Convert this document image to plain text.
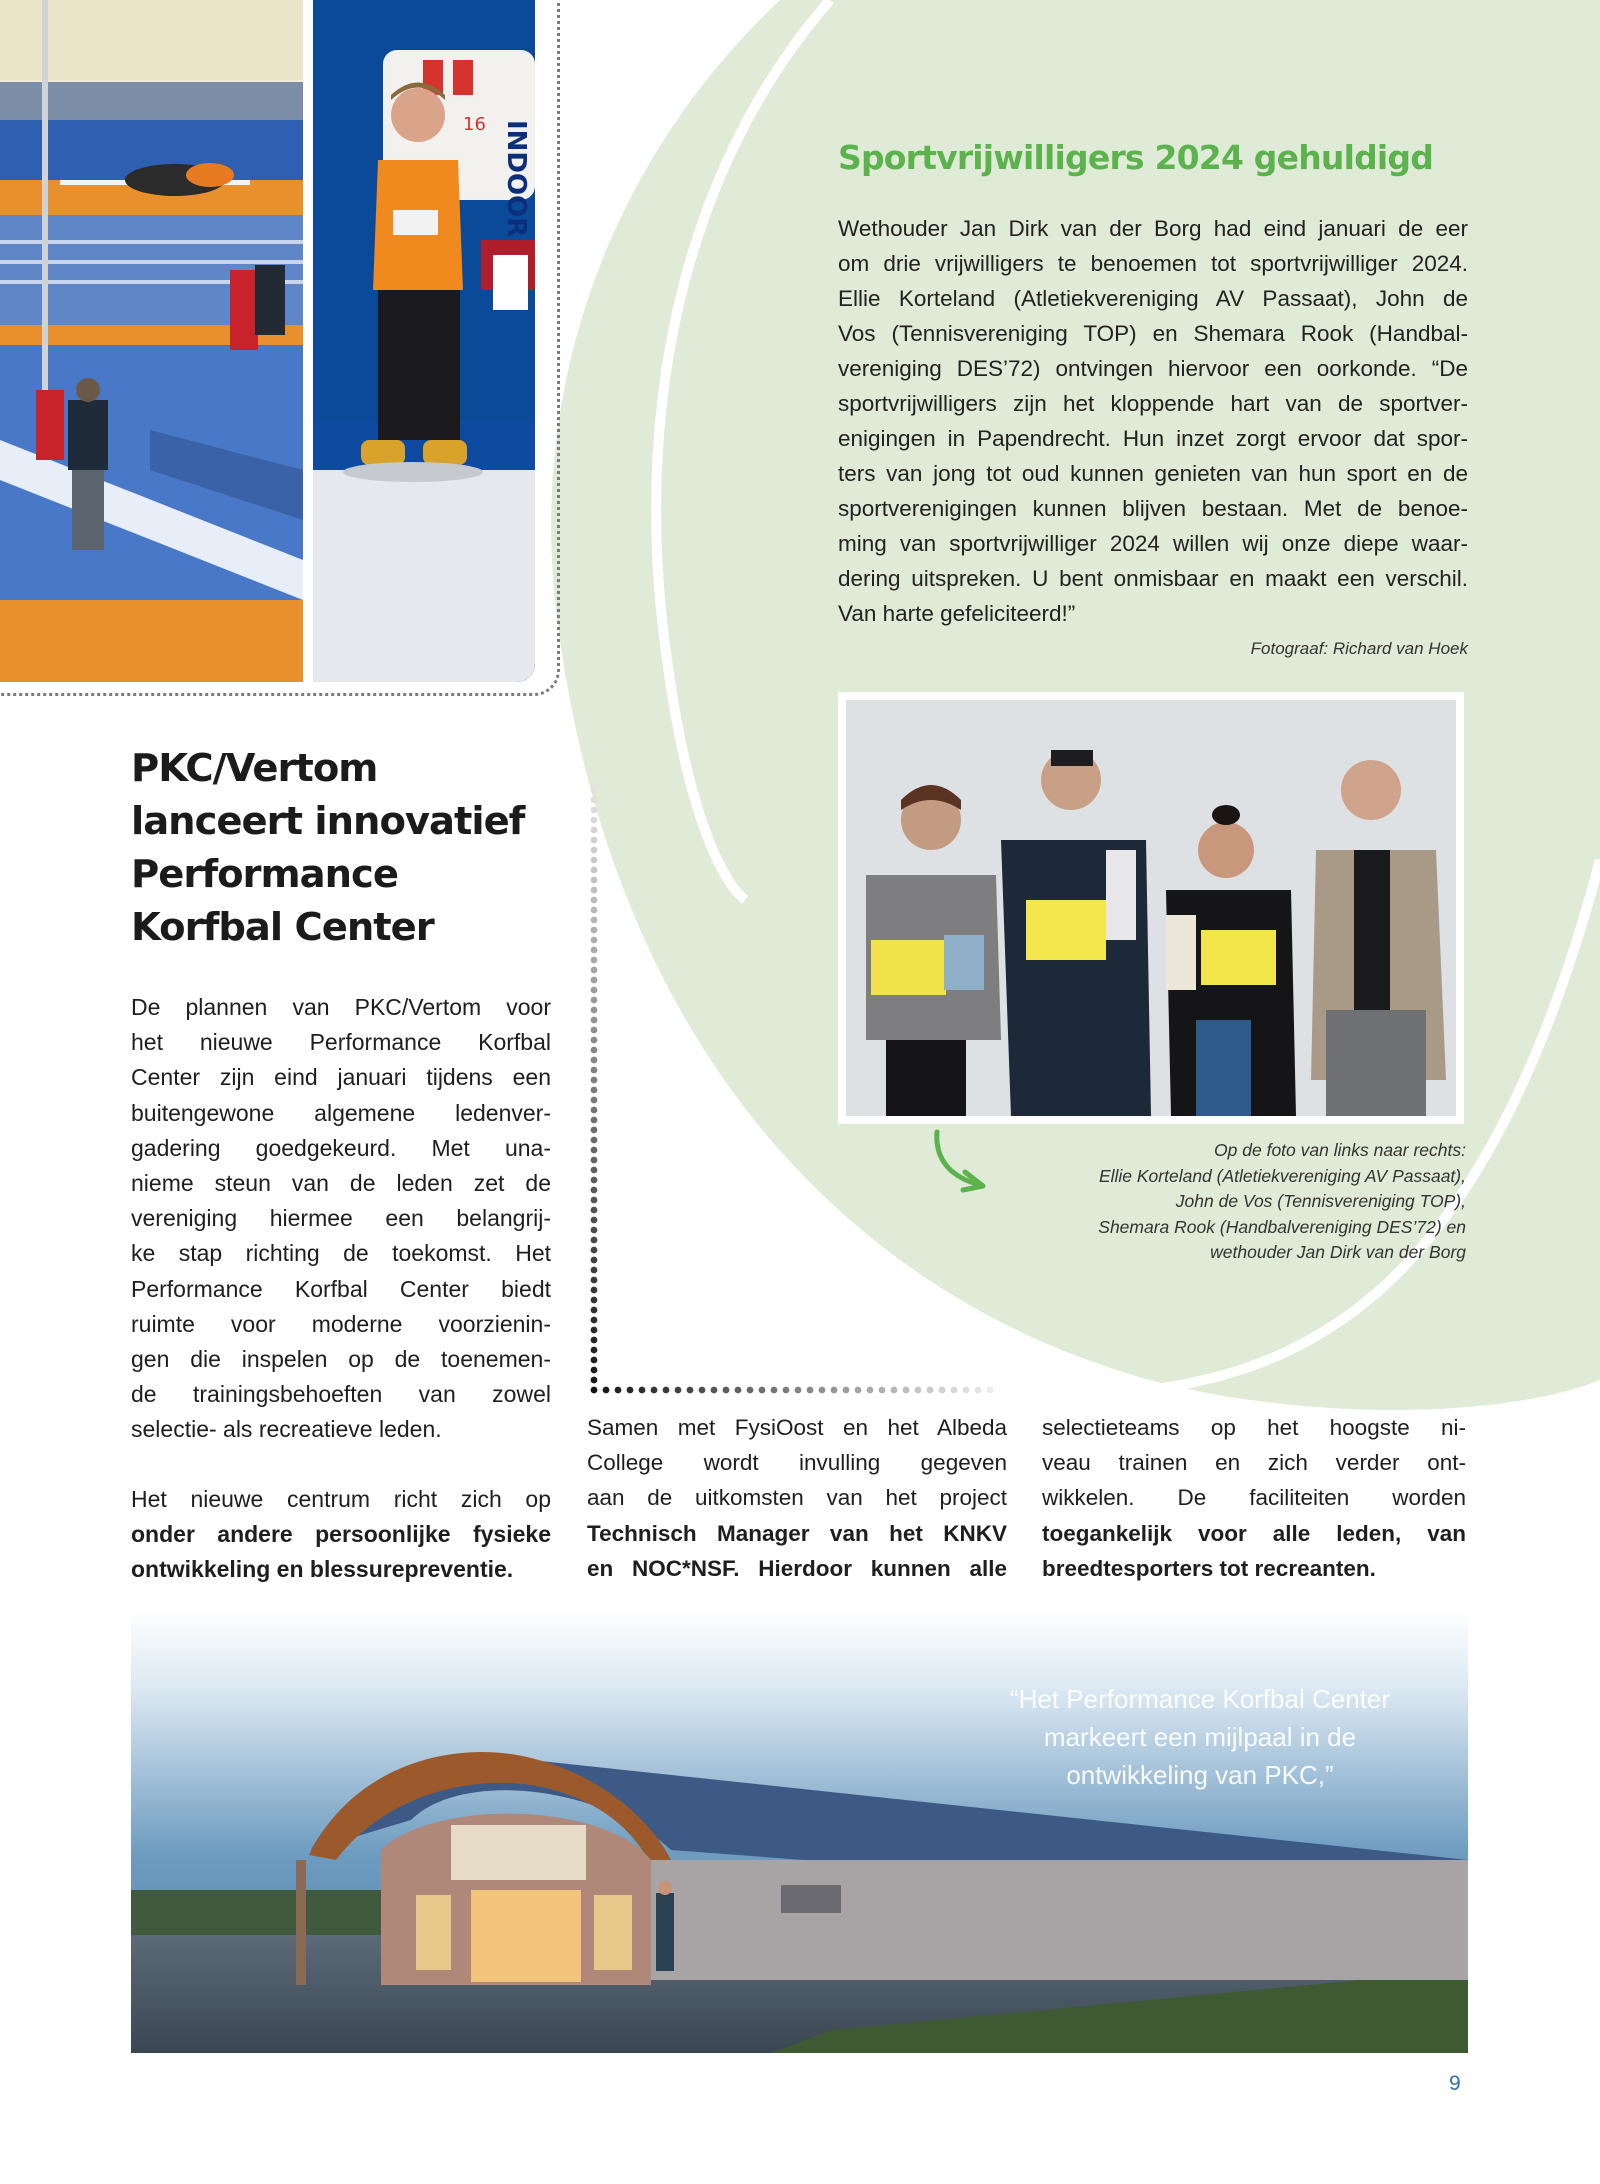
INDOOR
16
Sportvrijwilligers 2024 gehuldigd
Wethouder Jan Dirk van der Borg had eind januari de eer
om drie vrijwilligers te benoemen tot sportvrijwilliger 2024.
Ellie Korteland (Atletiekvereniging AV Passaat), John de
Vos (Tennisvereniging TOP) en Shemara Rook (Handbal-
vereniging DES’72) ontvingen hiervoor een oorkonde. “De
sportvrijwilligers zijn het kloppende hart van de sportver-
enigingen in Papendrecht. Hun inzet zorgt ervoor dat spor-
ters van jong tot oud kunnen genieten van hun sport en de
sportverenigingen kunnen blijven bestaan. Met de benoe-
ming van sportvrijwilliger 2024 willen wij onze diepe waar-
dering uitspreken. U bent onmisbaar en maakt een verschil.
Van harte gefeliciteerd!”
Fotograaf: Richard van Hoek
Op de foto van links naar rechts:
Ellie Korteland (Atletiekvereniging AV Passaat),
John de Vos (Tennisvereniging TOP),
Shemara Rook (Handbalvereniging DES’72) en
wethouder Jan Dirk van der Borg
PKC/Vertom
lanceert innovatief
Performance
Korfbal Center
De plannen van PKC/Vertom voor
het nieuwe Performance Korfbal
Center zijn eind januari tijdens een
buitengewone algemene ledenver-
gadering goedgekeurd. Met una-
nieme steun van de leden zet de
vereniging hiermee een belangrij-
ke stap richting de toekomst. Het
Performance Korfbal Center biedt
ruimte voor moderne voorzienin-
gen die inspelen op de toenemen-
de trainingsbehoeften van zowel
selectie- als recreatieve leden.
Het nieuwe centrum richt zich op
onder andere persoonlijke fysieke
ontwikkeling en blessurepreventie.
Samen met FysiOost en het Albeda
College wordt invulling gegeven
aan de uitkomsten van het project
Technisch Manager van het KNKV
en NOC*NSF. Hierdoor kunnen alle
selectieteams op het hoogste ni-
veau trainen en zich verder ont-
wikkelen. De faciliteiten worden
toegankelijk voor alle leden, van
breedtesporters tot recreanten.
“Het Performance Korfbal Center
markeert een mijlpaal in de
ontwikkeling van PKC,”
9
